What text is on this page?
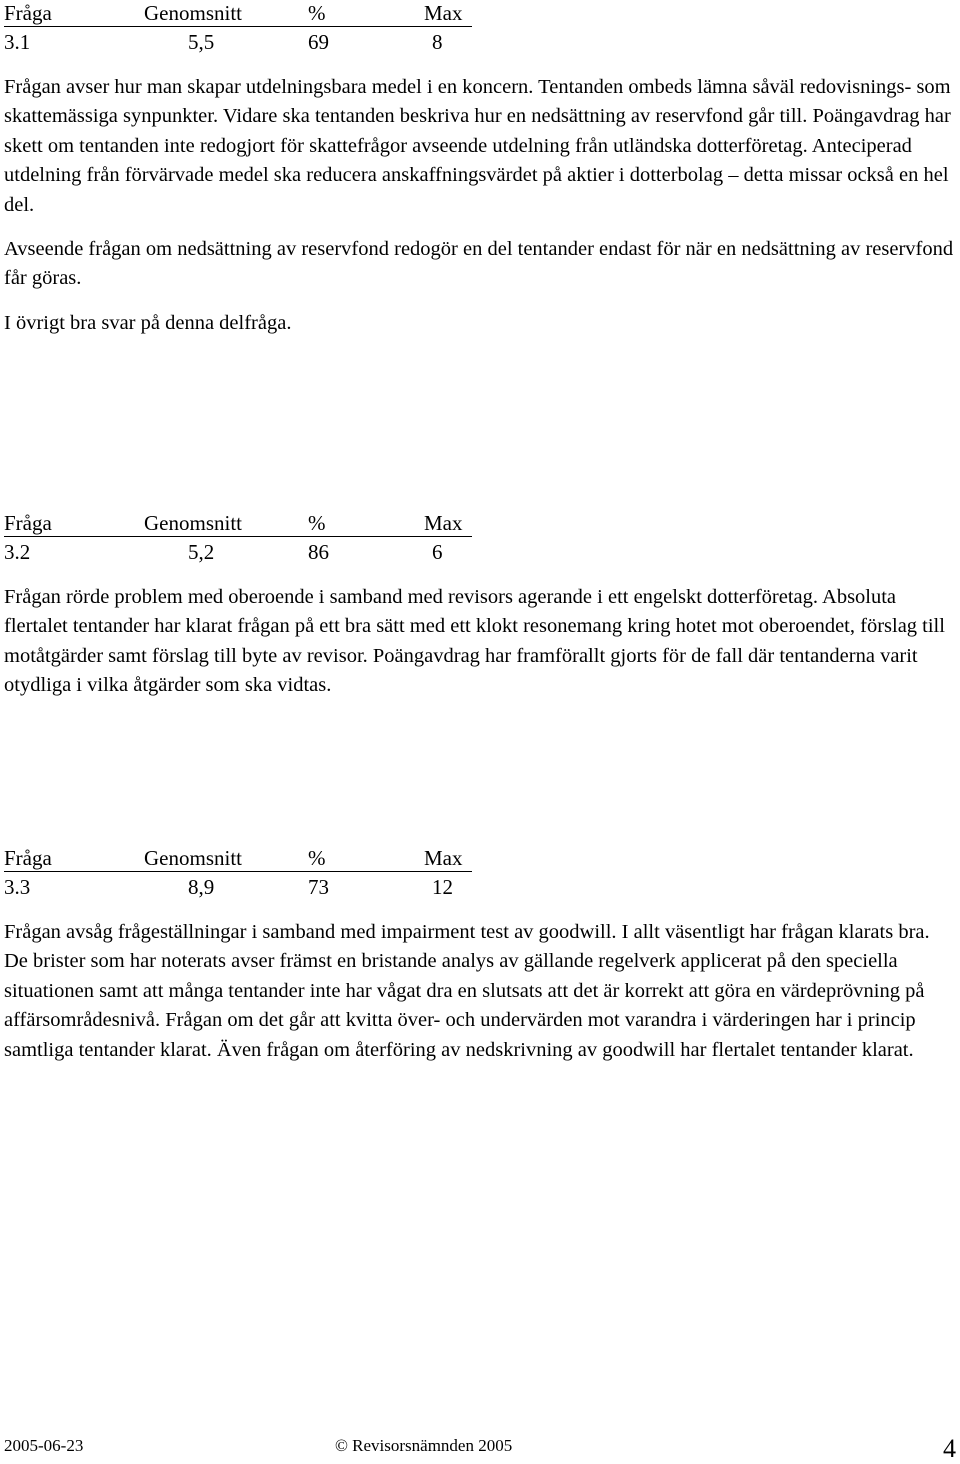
Fråga	Genomsnitt	%	Max
3.1	5,5	69	8

Frågan avser hur man skapar utdelningsbara medel i en koncern. Tentanden ombeds lämna såväl redovisnings- som skattemässiga synpunkter. Vidare ska tentanden beskriva hur en nedsättning av reservfond går till. Poängavdrag har skett om tentanden inte redogjort för skattefrågor avseende utdelning från utländska dotterföretag. Anteciperad utdelning från förvärvade medel ska reducera anskaffningsvärdet på aktier i dotterbolag – detta missar också en hel del.

Avseende frågan om nedsättning av reservfond redogör en del tentander endast för när en nedsättning av reservfond får göras.

I övrigt bra svar på denna delfråga.

Fråga	Genomsnitt	%	Max
3.2	5,2	86	6

Frågan rörde problem med oberoende i samband med revisors agerande i ett engelskt dotterföretag. Absoluta flertalet tentander har klarat frågan på ett bra sätt med ett klokt resonemang kring hotet mot oberoendet, förslag till motåtgärder samt förslag till byte av revisor. Poängavdrag har framförallt gjorts för de fall där tentanderna varit otydliga i vilka åtgärder som ska vidtas.

Fråga	Genomsnitt	%	Max
3.3	8,9	73	12

Frågan avsåg frågeställningar i samband med impairment test av goodwill. I allt väsentligt har frågan klarats bra. De brister som har noterats avser främst en bristande analys av gällande regelverk applicerat på den speciella situationen samt att många tentander inte har vågat dra en slutsats att det är korrekt att göra en värdeprövning på affärsområdesnivå. Frågan om det går att kvitta över- och undervärden mot varandra i värderingen har i princip samtliga tentander klarat. Även frågan om återföring av nedskrivning av goodwill har flertalet tentander klarat.

2005-06-23	© Revisorsnämnden 2005	4
